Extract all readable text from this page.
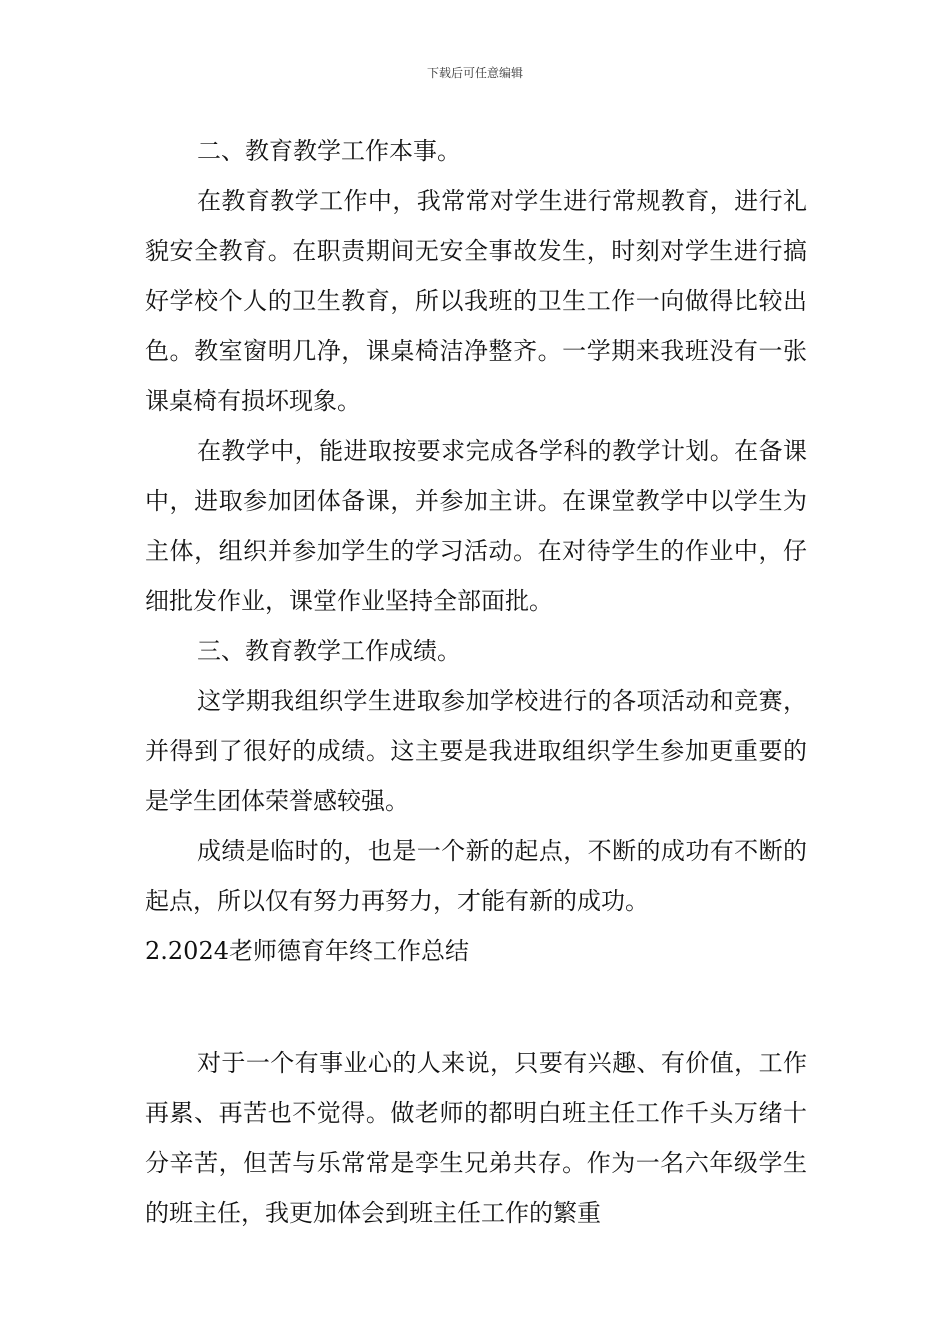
下载后可任意编辑

二、教育教学工作本事。

在教育教学工作中，我常常对学生进行常规教育，进行礼貌安全教育。在职责期间无安全事故发生，时刻对学生进行搞好学校个人的卫生教育，所以我班的卫生工作一向做得比较出色。教室窗明几净，课桌椅洁净整齐。一学期来我班没有一张课桌椅有损坏现象。

在教学中，能进取按要求完成各学科的教学计划。在备课中，进取参加团体备课，并参加主讲。在课堂教学中以学生为主体，组织并参加学生的学习活动。在对待学生的作业中，仔细批发作业，课堂作业坚持全部面批。

三、教育教学工作成绩。

这学期我组织学生进取参加学校进行的各项活动和竞赛，并得到了很好的成绩。这主要是我进取组织学生参加更重要的是学生团体荣誉感较强。

成绩是临时的，也是一个新的起点，不断的成功有不断的起点，所以仅有努力再努力，才能有新的成功。

2.2024老师德育年终工作总结

对于一个有事业心的人来说，只要有兴趣、有价值，工作再累、再苦也不觉得。做老师的都明白班主任工作千头万绪十分辛苦，但苦与乐常常是孪生兄弟共存。作为一名六年级学生的班主任，我更加体会到班主任工作的繁重
